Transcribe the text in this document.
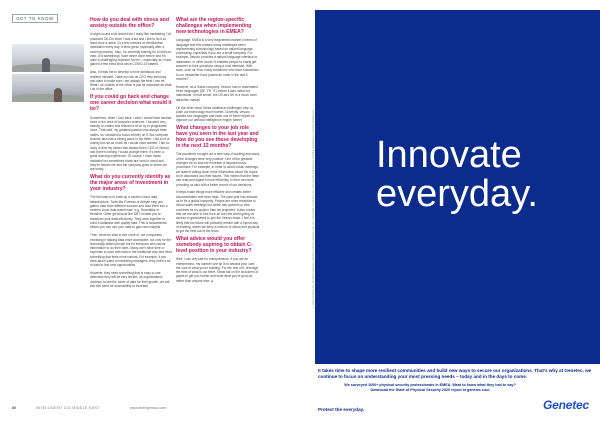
GET TO KNOW	How do you deal with stress and anxiety outside the office?

It might sound a bit clichéd but I really like meditating. I've practiced Tai-Chi since I was a kid and I like to do it at least once a week. Or a few minutes of mindfulness meditation every day. It feels great, especially after a morning session. Also, I'm currently training for a half iron-man. It is something I have never done before and it's quite a challenging objective for me – especially as I have gained a few extra kilos since COVID-19 started.

Also, it helps me to develop a more ambitious and resilient mindset. I take my role as CEO very seriously and want to make sure I am always the best I can be. What I do outside of the office is just as important as what I do in the office.

If you could go back and change one career decision what would it be?

Sometimes, when I look back, I wish I would have studied more in the area of computer sciences. I focused very heavily on maths and relaxed a lot to try to programme more. That said, my greatest passion has always been maths, so I decided to focus entirely on it. But computer science also has a strong place in my heart. I did a lot of coding but not as much as I would have wanted. I am so lucky in that my career has always been CEO of Vesoco and there's nothing I would change there. It's been a great learning experience. Of course, I have made mistakes but sometimes those are hard to avoid and they've helped me and the company grow to where we are today.

What do you currently identify as the major areas of investment in your industry?

The first step is to build up a modern cloud data infrastructure. Tools like Fivetran or Airbyte help you gather data from different sources and load them into a modern cloud data warehouse, e.g. Snowflake or Redshift. Other great tools like DBT, enable you to transform your data effectively. They work together to build a database with quality data. This is fundamental before you can use your data to gain new insights.

Then, what we start to see more of, are companies investing in making data more accessible, not only for the technically skilled people but for everyone who needs information to do their roles. Many don't have time or expertise to work with data in the traditional way and need something that feels more natural. For example, if you think about sales or marketing managers, they need a lot of data to find new opportunities.

However, they need something that is easy to use, otherwise they will be very limited. As organisations continue to see the value of data for their growth, we will see this need for accessibility to increase.

What are the region-specific challenges when implementing new technologies in EMEA?

Language. EMEA is a very fragmented market in terms of language and this creates many challenges when implementing a technology based on natural language processing, especially if you are a small company. For example, Vesoco provides a natural language interface to databases. In other words, it enables people to easily get answers to their questions using a chat interface. With tools, such as 'How many customers who have subscribed to our newsletter have placed an order in the last 6 months?'.

However, as a Swiss company, Vesoco had to understand three languages (DE, FR, IT) before it was rolled out nationwide. In that sense, the US and UK is a much more attractive market.

On the other hand, these additional challenges help us push our technology much further. Currently, Vesoco speaks four languages and each one of them helped us improve our artificial intelligence engine further.

What changes to your job role have you seen in the last year and how do you see these developing in the next 12 months?

The pandemic brought out a new way of working and many of the changes were very positive. One of the greatest changes for us was the increase of asynchronous processes. For example, in order to avoid virtual meetings, we started writing down more information about the topics to be discussed and their issues. This means that the team can read and digest it more efficiently, in their own time, providing us also with a better record of our decisions.

It helps make things more efficient and creates better documentation and more data. The past year has allowed us to be a global company. People are more receptive to virtual sales meetings too which has opened up new countries for us quicker than we projected. It also meant that we are able to hire from all over the world giving us access to great talent to join the Vesoco team. I feel it is likely that the future will probably remain with a hybrid way of working, where we keep a mixture of virtual and physical to get the best out of the team.

What advice would you offer somebody aspiring to obtain C-level position in your industry?

Well, I can only talk for entrepreneurs. If you are an entrepreneur, my number one tip is to second your core, the core of what you're building. For the rest of it, leverage the best of what is out there. Stand tall on the shoulders of giants to get you further and build what you're good at, better than anyone else. ∎

80	INTELLIGENT CIO MIDDLE EAST	www.intelligentcio.com
Innovate
everyday.
©2021 Genetec Inc. All rights reserved. Genetec and the Genetec logo are trademarks of Genetec Inc. and may be registered or pending registration in several jurisdictions.
It takes time to shape more resilient communities and build new ways to secure our organizations. That's why at Genetec, we continue to focus on understanding your most pressing needs – today and in the days to come.
We surveyed 1600+ physical security professionals in EMEA. Want to know what they had to say?
Download the State of Physical Security 2020 report at genetec.com
Protect the everyday.	Genetec
